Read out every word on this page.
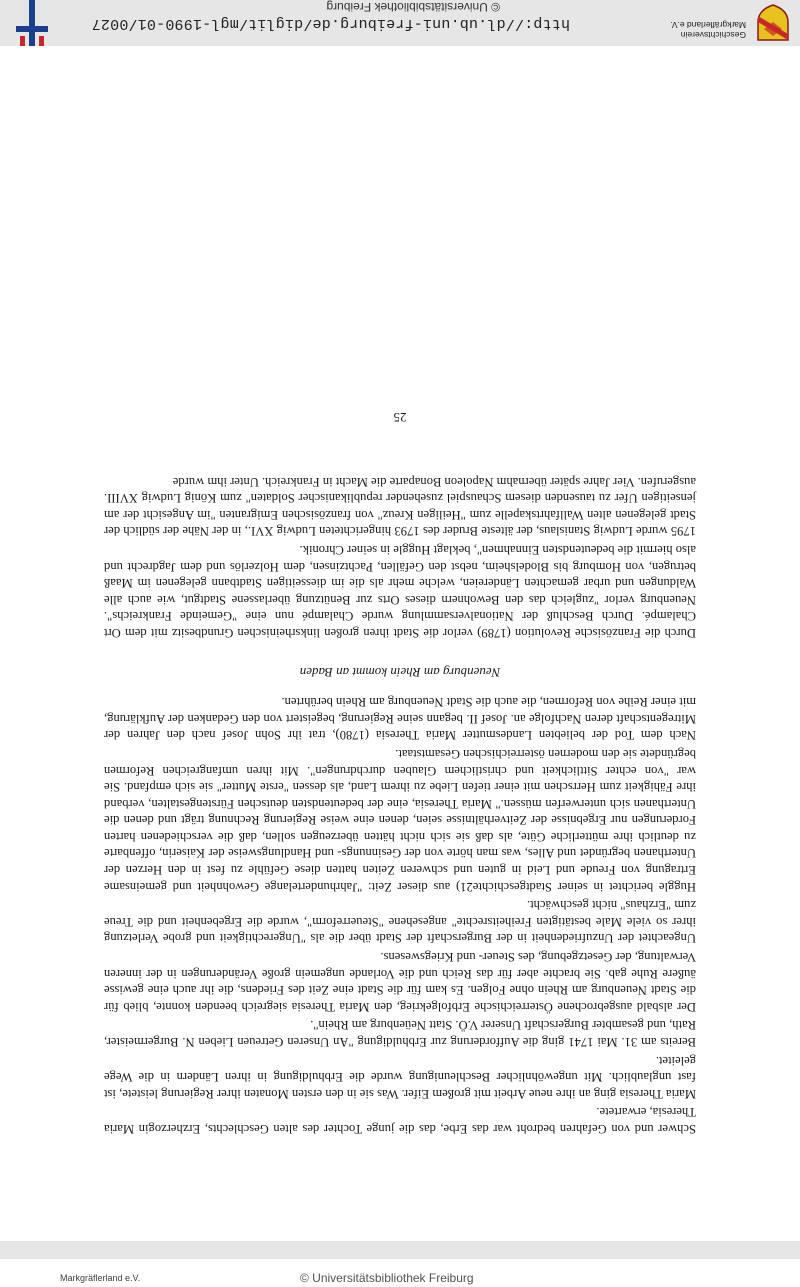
Geschichtsverein
Markgräflerland e.V.
http://dl.ub.uni-freiburg.de/diglit/mgl-1990-01/0027
© Universitätsbibliothek Freiburg
© Universitätsbibliothek Freiburg
Markgräflerland e.V.

Schwer und von Gefahren bedroht war das Erbe, das die junge Tochter des alten Geschlechts, Erzherzogin Maria Theresia, erwartete.

Maria Theresia ging an ihre neue Arbeit mit großem Eifer. Was sie in den ersten Monaten ihrer Regierung leistete, ist fast unglaublich. Mit ungewöhnlicher Beschleunigung wurde die Erbhuldigung in ihren Ländern in die Wege geleitet.

Bereits am 31. Mai 1741 ging die Aufforderung zur Erbhuldigung "An Unseren Getreuen Lieben N. Burgermeister, Rath, und gesambter Burgerschaft Unserer V.Ö. Statt Neüenburg am Rhein".

Der alsbald ausgebrochene Österreichische Erbfolgekrieg, den Maria Theresia siegreich beenden konnte, blieb für die Stadt Neuenburg am Rhein ohne Folgen. Es kam für die Stadt eine Zeit des Friedens, die ihr auch eine gewisse äußere Ruhe gab. Sie brachte aber für das Reich und die Vorlande ungemein große Veränderungen in der inneren Verwaltung, der Gesetzgebung, des Steuer- und Kriegswesens.

Ungeachtet der Unzufriedenheit in der Burgerschaft der Stadt über die als "Ungerechtigkeit und grobe Verletzung ihrer so viele Male bestätigten Freiheitsrechte" angesehene "Steuerreform", wurde die Ergebenheit und die Treue zum "Erzhaus" nicht geschwächt.

Huggle berichtet in seiner Stadtgeschichte21) aus dieser Zeit: "Jahrhundertelange Gewohnheit und gemeinsame Ertragung von Freude und Leid in guten und schweren Zeiten hatten diese Gefühle zu fest in den Herzen der Unterthanen begründet und Alles, was man hörte von der Gesinnungs- und Handlungsweise der Kaiserin, offenbarte zu deutlich ihre mütterliche Güte, als daß sie sich nicht hätten überzeugen sollen, daß die verschiedenen harten Forderungen nur Ergebnisse der Zeitverhältnisse seien, denen eine weise Regierung Rechnung trägt und denen die Unterthanen sich unterwerfen müssen." Maria Theresia, eine der bedeutendsten deutschen Fürstengestalten, verband ihre Fähigkeit zum Herrschen mit einer tiefen Liebe zu ihrem Land, als dessen "erste Mutter" sie sich empfand. Sie war "von echter Sittlichkeit und christlichem Glauben durchdrungen". Mit ihren umfangreichen Reformen begründete sie den modernen österreichischen Gesamtstaat.

Nach dem Tod der beliebten Landesmutter Maria Theresia (1780), trat ihr Sohn Josef nach den Jahren der Mitregentschaft deren Nachfolge an. Josef II. begann seine Regierung, begeistert von den Gedanken der Aufklärung, mit einer Reihe von Reformen, die auch die Stadt Neuenburg am Rhein berührten.

Neuenburg am Rhein kommt an Baden

Durch die Französische Revolution (1789) verlor die Stadt ihren großen linksrheinischen Grundbesitz mit dem Ort Chalampé. Durch Beschluß der Nationalversammlung wurde Chalampé nun eine "Gemeinde Frankreichs". Neuenburg verlor "zugleich das den Bewohnern dieses Orts zur Benützung überlassene Stadtgut, wie auch alle Waldungen und urbar gemachten Ländereien, welche mehr als die im diesseitigen Stadtbann gelegenen im Maaß betrugen, von Homburg bis Blodelsheim, nebst den Gefällen, Pachtzinsen, dem Holzerlös und dem Jagdrecht und also hiermit die bedeutendsten Einnahmen", beklagt Huggle in seiner Chronik.

1795 wurde Ludwig Stanislaus, der älteste Bruder des 1793 hingerichteten Ludwig XVI., in der Nähe der südlich der Stadt gelegenen alten Wallfahrtskapelle zum "Heiligen Kreuz" von französischen Emigranten "im Angesicht der am jenseitigen Ufer zu tausenden diesem Schauspiel zusehender republikanischer Soldaten" zum König Ludwig XVIII. ausgerufen. Vier Jahre später übernahm Napoleon Bonaparte die Macht in Frankreich. Unter ihm wurde

25
